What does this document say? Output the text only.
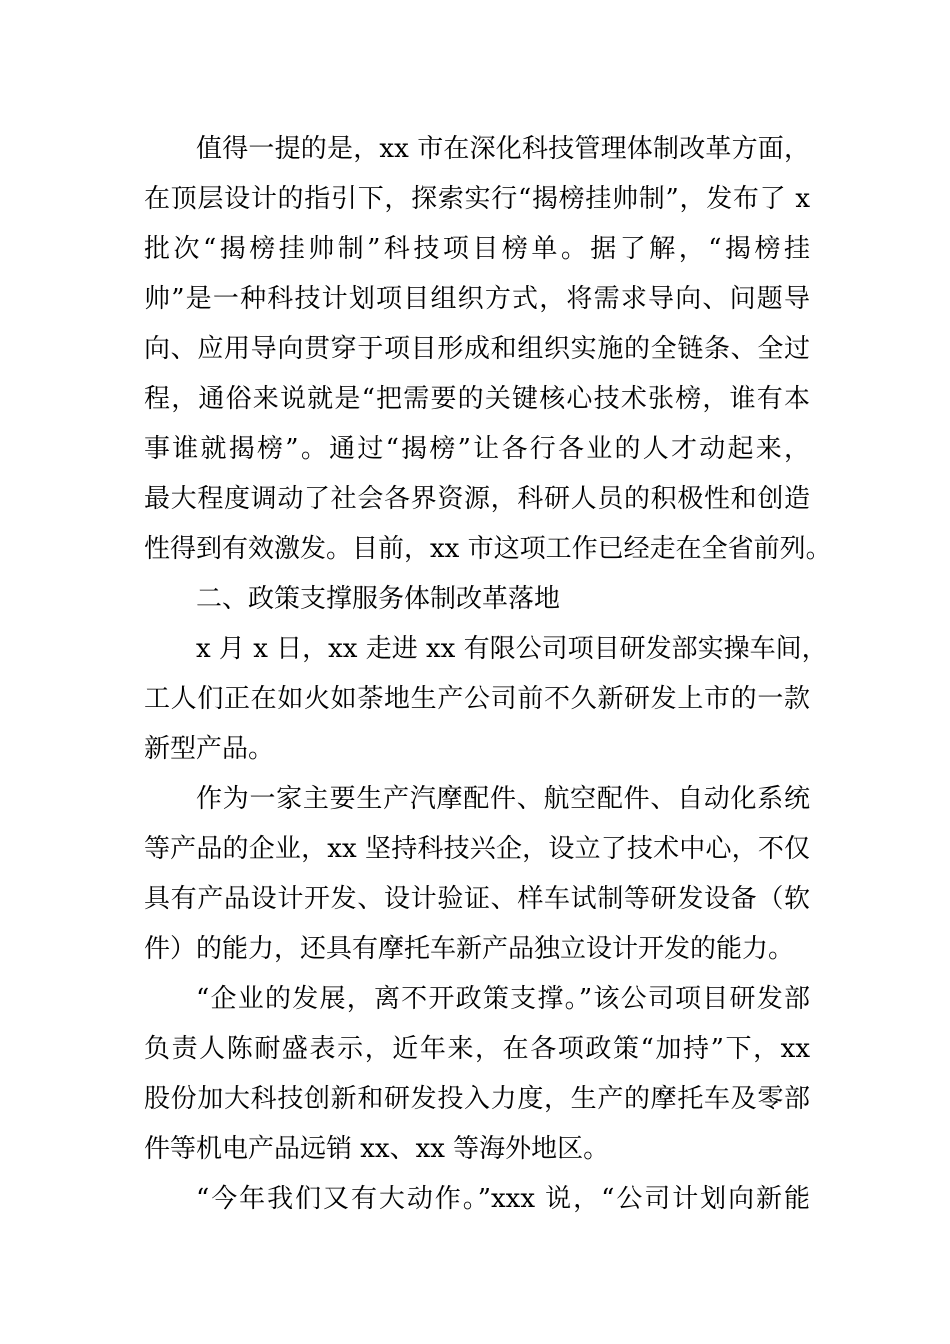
值得一提的是，xx 市在深化科技管理体制改革方面，
在顶层设计的指引下，探索实行“揭榜挂帅制”，发布了 x
批次“揭榜挂帅制”科技项目榜单。据了解，“揭榜挂
帅”是一种科技计划项目组织方式，将需求导向、问题导
向、应用导向贯穿于项目形成和组织实施的全链条、全过
程，通俗来说就是“把需要的关键核心技术张榜，谁有本
事谁就揭榜”。通过“揭榜”让各行各业的人才动起来，
最大程度调动了社会各界资源，科研人员的积极性和创造
性得到有效激发。目前，xx 市这项工作已经走在全省前列。
二、政策支撑服务体制改革落地
x 月 x 日，xx 走进 xx 有限公司项目研发部实操车间，
工人们正在如火如荼地生产公司前不久新研发上市的一款
新型产品。
作为一家主要生产汽摩配件、航空配件、自动化系统
等产品的企业，xx 坚持科技兴企，设立了技术中心，不仅
具有产品设计开发、设计验证、样车试制等研发设备（软
件）的能力，还具有摩托车新产品独立设计开发的能力。
“企业的发展，离不开政策支撑。”该公司项目研发部
负责人陈耐盛表示，近年来，在各项政策“加持”下，xx
股份加大科技创新和研发投入力度，生产的摩托车及零部
件等机电产品远销 xx、xx 等海外地区。
“今年我们又有大动作。”xxx 说，“公司计划向新能
